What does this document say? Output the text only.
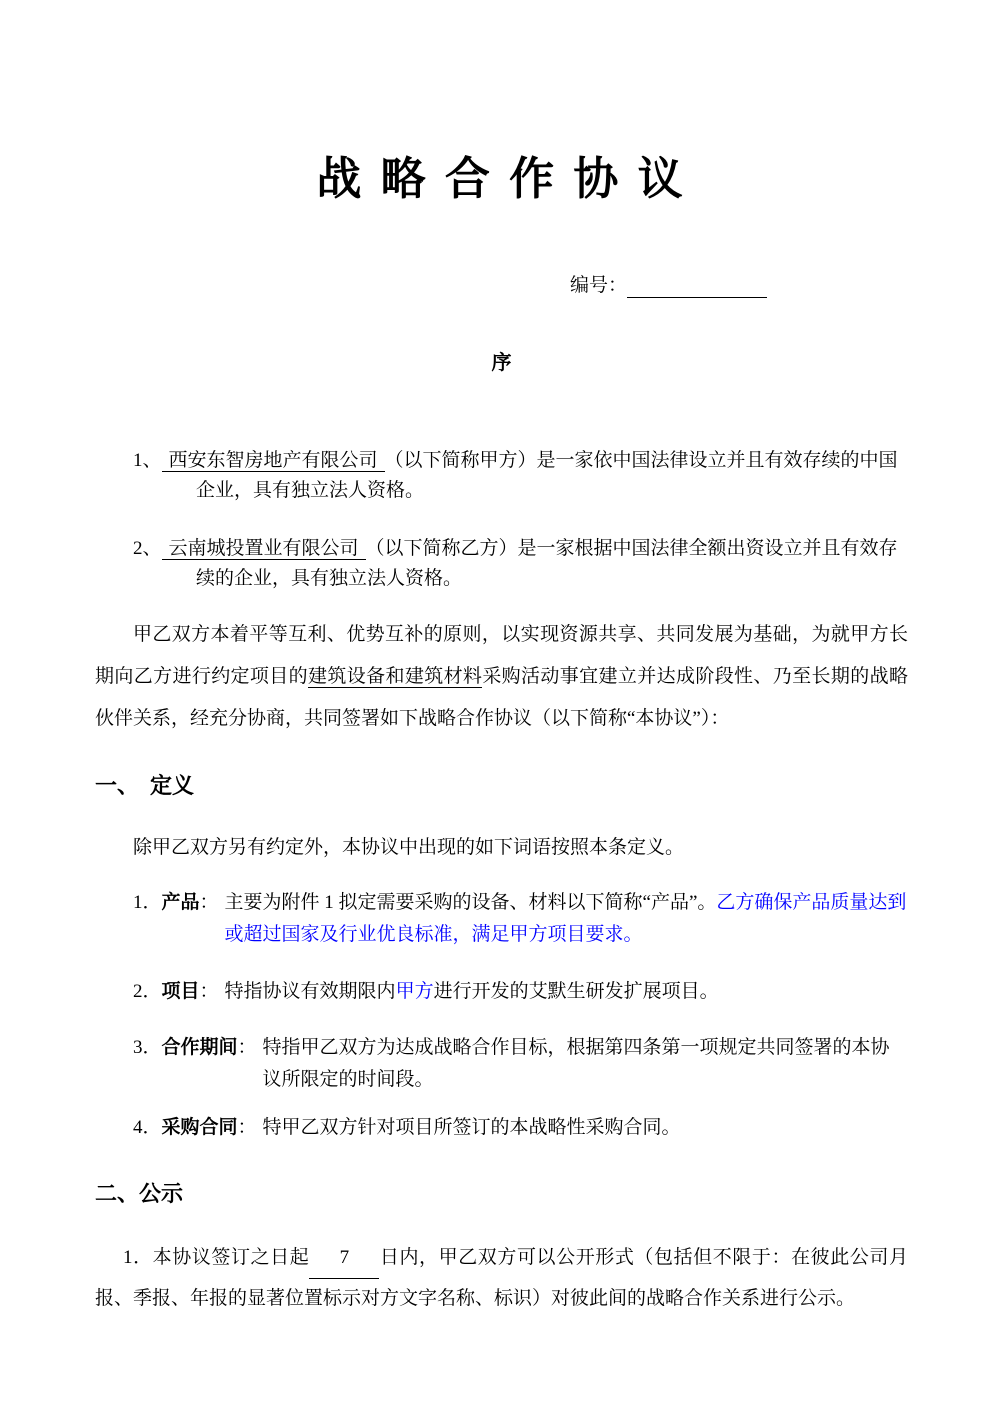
战 略 合 作 协 议
编号：
序
1、 西安东智房地产有限公司 （以下简称甲方）是一家依中国法律设立并且有效存续的中国企业，具有独立法人资格。
2、 云南城投置业有限公司 （以下简称乙方）是一家根据中国法律全额出资设立并且有效存续的企业，具有独立法人资格。
甲乙双方本着平等互利、优势互补的原则，以实现资源共享、共同发展为基础，为就甲方长期向乙方进行约定项目的建筑设备和建筑材料采购活动事宜建立并达成阶段性、乃至长期的战略伙伴关系，经充分协商，共同签署如下战略合作协议（以下简称“本协议”）：
一、　定义
除甲乙双方另有约定外，本协议中出现的如下词语按照本条定义。
1．产品： 主要为附件 1 拟定需要采购的设备、材料以下简称“产品”。乙方确保产品质量达到或超过国家及行业优良标准，满足甲方项目要求。
2．项目： 特指协议有效期限内甲方进行开发的艾默生研发扩展项目。
3．合作期间： 特指甲乙双方为达成战略合作目标，根据第四条第一项规定共同签署的本协议所限定的时间段。
4．采购合同： 特甲乙双方针对项目所签订的本战略性采购合同。
二、公示
1．本协议签订之日起 7 日内，甲乙双方可以公开形式（包括但不限于：在彼此公司月报、季报、年报的显著位置标示对方文字名称、标识）对彼此间的战略合作关系进行公示。
